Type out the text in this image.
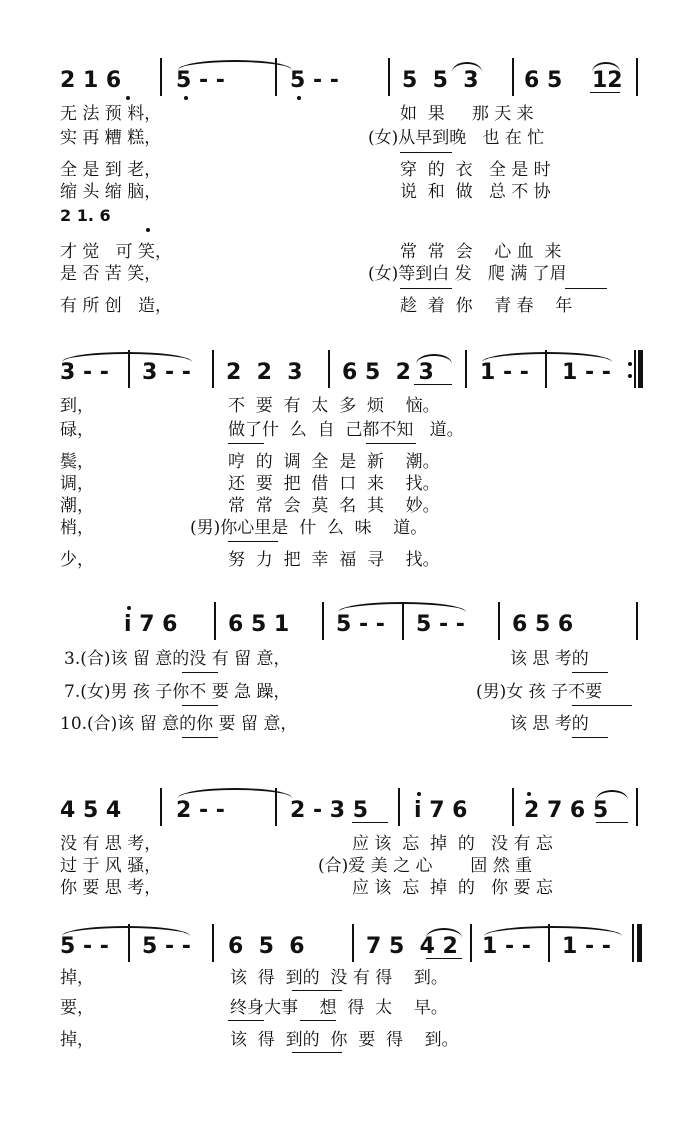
2 1 6 5 - -	5 - -	5  5  3 6 5 12
无 法 预 料，	如  果     那 天 来
实 再 糟 糕，	(女)从早到晚   也 在 忙
全 是 到 老，	穿  的  衣   全 是 时
缩 头 缩 脑，	说  和  做   总 不 协
2 1. 6
才 觉   可 笑，	常  常  会    心 血  来
是 否 苦 笑，	(女)等到白 发   爬 满 了眉
有 所 创   造，	趁  着  你    青 春    年
3 - - 3 - - 2  2  3 6 5  2 3 1 - - 1 - -
到，	不  要  有  太  多  烦    恼。
碌，	做了什  么  自  己都不知   道。
鬓，	哼  的  调  全  是  新    潮。
调，	还  要  把  借  口  来    找。
潮，	常  常  会  莫  名  其    妙。
梢，	(男)你心里是  什  么  味    道。
少，	努  力  把  幸  福  寻    找。
i 7 6 6 5 1 5 - - 5 - - 6 5 6
3.(合)该 留 意的没 有 留 意，	该 思 考的
7.(女)男 孩 子你不 要 急 躁，	(男)女 孩 子不要
10.(合)该 留 意的你 要 留 意，	该 思 考的
4 5 4 2 - -	2 - 3 5 i 7 6	2 7 6 5
没 有 思 考，	应 该  忘  掉  的   没 有 忘
过 于 风 骚，	(合)爱 美 之 心       固 然 重
你 要 思 考，	应 该  忘  掉  的   你 要 忘
5 - - 5 - - 6  5  6	7 5  4 2 1 - - 1 - -
掉，	该  得  到的  没 有 得    到。
要，	终身大事    想  得  太    早。
掉，	该  得  到的  你  要  得    到。
